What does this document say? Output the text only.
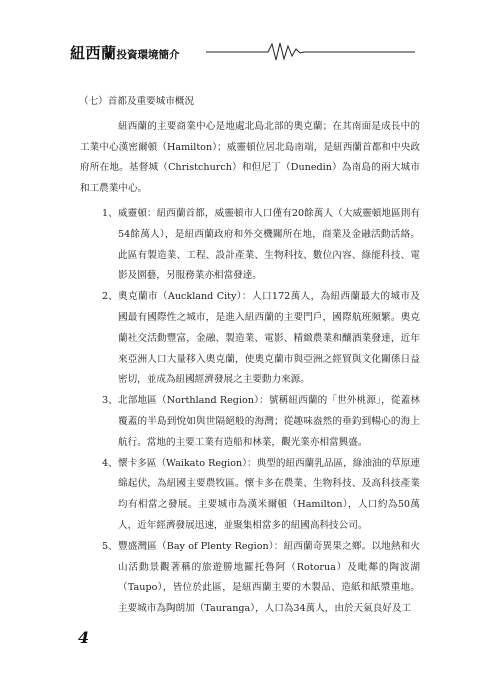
紐西蘭投資環境簡介
（七）首都及重要城市概況

紐西蘭的主要商業中心是地處北島北部的奧克蘭；在其南面是成長中的工業中心漢密爾頓（Hamilton）；威靈頓位居北島南端，是紐西蘭首都和中央政府所在地。基督城（Christchurch）和但尼丁（Dunedin）為南島的兩大城市和工農業中心。

1、 威靈頓：紐西蘭首都，威靈頓市人口僅有20餘萬人（大威靈頓地區則有54餘萬人），是紐西蘭政府和外交機關所在地，商業及金融活動活絡。此區有製造業、工程、設計產業、生物科技、數位內容、綠能科技、電影及園藝，另服務業亦相當發達。
2、 奧克蘭市（Auckland City）：人口172萬人，為紐西蘭最大的城市及國最有國際性之城市，是進入紐西蘭的主要門戶，國際航班頻繁。奧克蘭社交活動豐富，金融、製造業、電影、精緻農業和釀酒業發達，近年來亞洲人口大量移入奧克蘭，使奧克蘭市與亞洲之經貿與文化關係日益密切，並成為紐國經濟發展之主要動力來源。
3、 北部地區（Northland Region）：號稱紐西蘭的「世外桃源」，從蓋林覆蓋的半島到悅如與世隔絕般的海灣；從趣味盎然的垂釣到暢心的海上航行。當地的主要工業有造船和林業，觀光業亦相當興盛。
4、 懷卡多區（Waikato Region）：典型的紐西蘭乳品區，綠油油的草原連綿起伏，為紐國主要農牧區。懷卡多在農業、生物科技、及高科技產業均有相當之發展。主要城市為漢米爾頓（Hamilton），人口約為50萬人，近年經濟發展迅速，並聚集相當多的紐國高科技公司。
5、 豐盛灣區（Bay of Plenty Region）：紐西蘭奇異果之鄉。以地熱和火山活動景觀著稱的旅遊勝地羅托魯阿（Rotorua）及毗鄰的陶波湖（Taupo），皆位於此區，是紐西蘭主要的木製品、造紙和紙漿重地。主要城市為陶朗加（Tauranga），人口為34萬人，由於天氣良好及工
4
